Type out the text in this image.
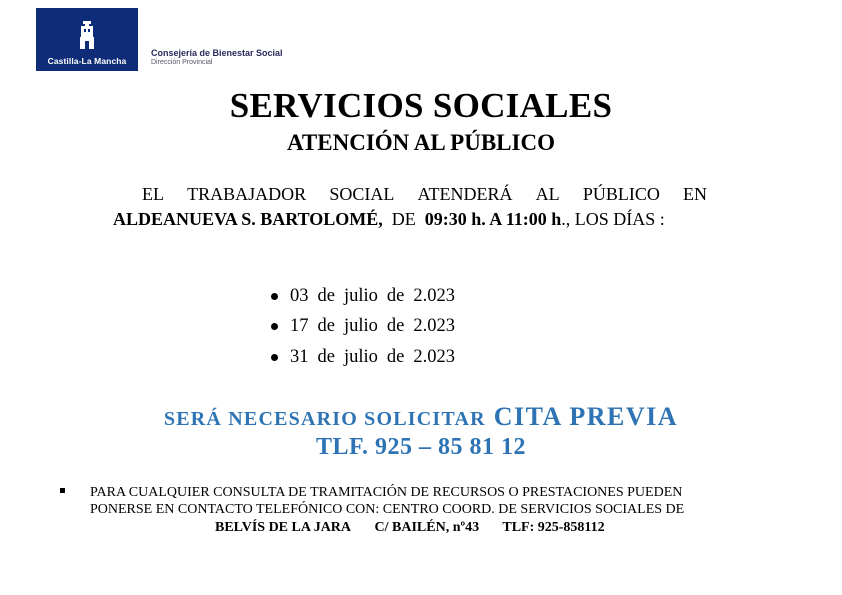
Castilla-La Mancha
Consejería de Bienestar Social
Dirección Provincial
SERVICIOS SOCIALES
ATENCIÓN AL PÚBLICO
EL TRABAJADOR SOCIAL ATENDERÁ AL PÚBLICO EN
ALDEANUEVA S. BARTOLOMÉ, DE 09:30 h. A 11:00 h., LOS DÍAS :
03 de julio de 2.023
17 de julio de 2.023
31 de julio de 2.023
SERÁ NECESARIO SOLICITAR CITA PREVIA
TLF. 925 – 85 81 12
PARA CUALQUIER CONSULTA DE TRAMITACIÓN DE RECURSOS O PRESTACIONES PUEDEN
PONERSE EN CONTACTO TELEFÓNICO CON: CENTRO COORD. DE SERVICIOS SOCIALES DE
BELVÍS DE LA JARA C/ BAILÉN, nº43 TLF: 925-858112
